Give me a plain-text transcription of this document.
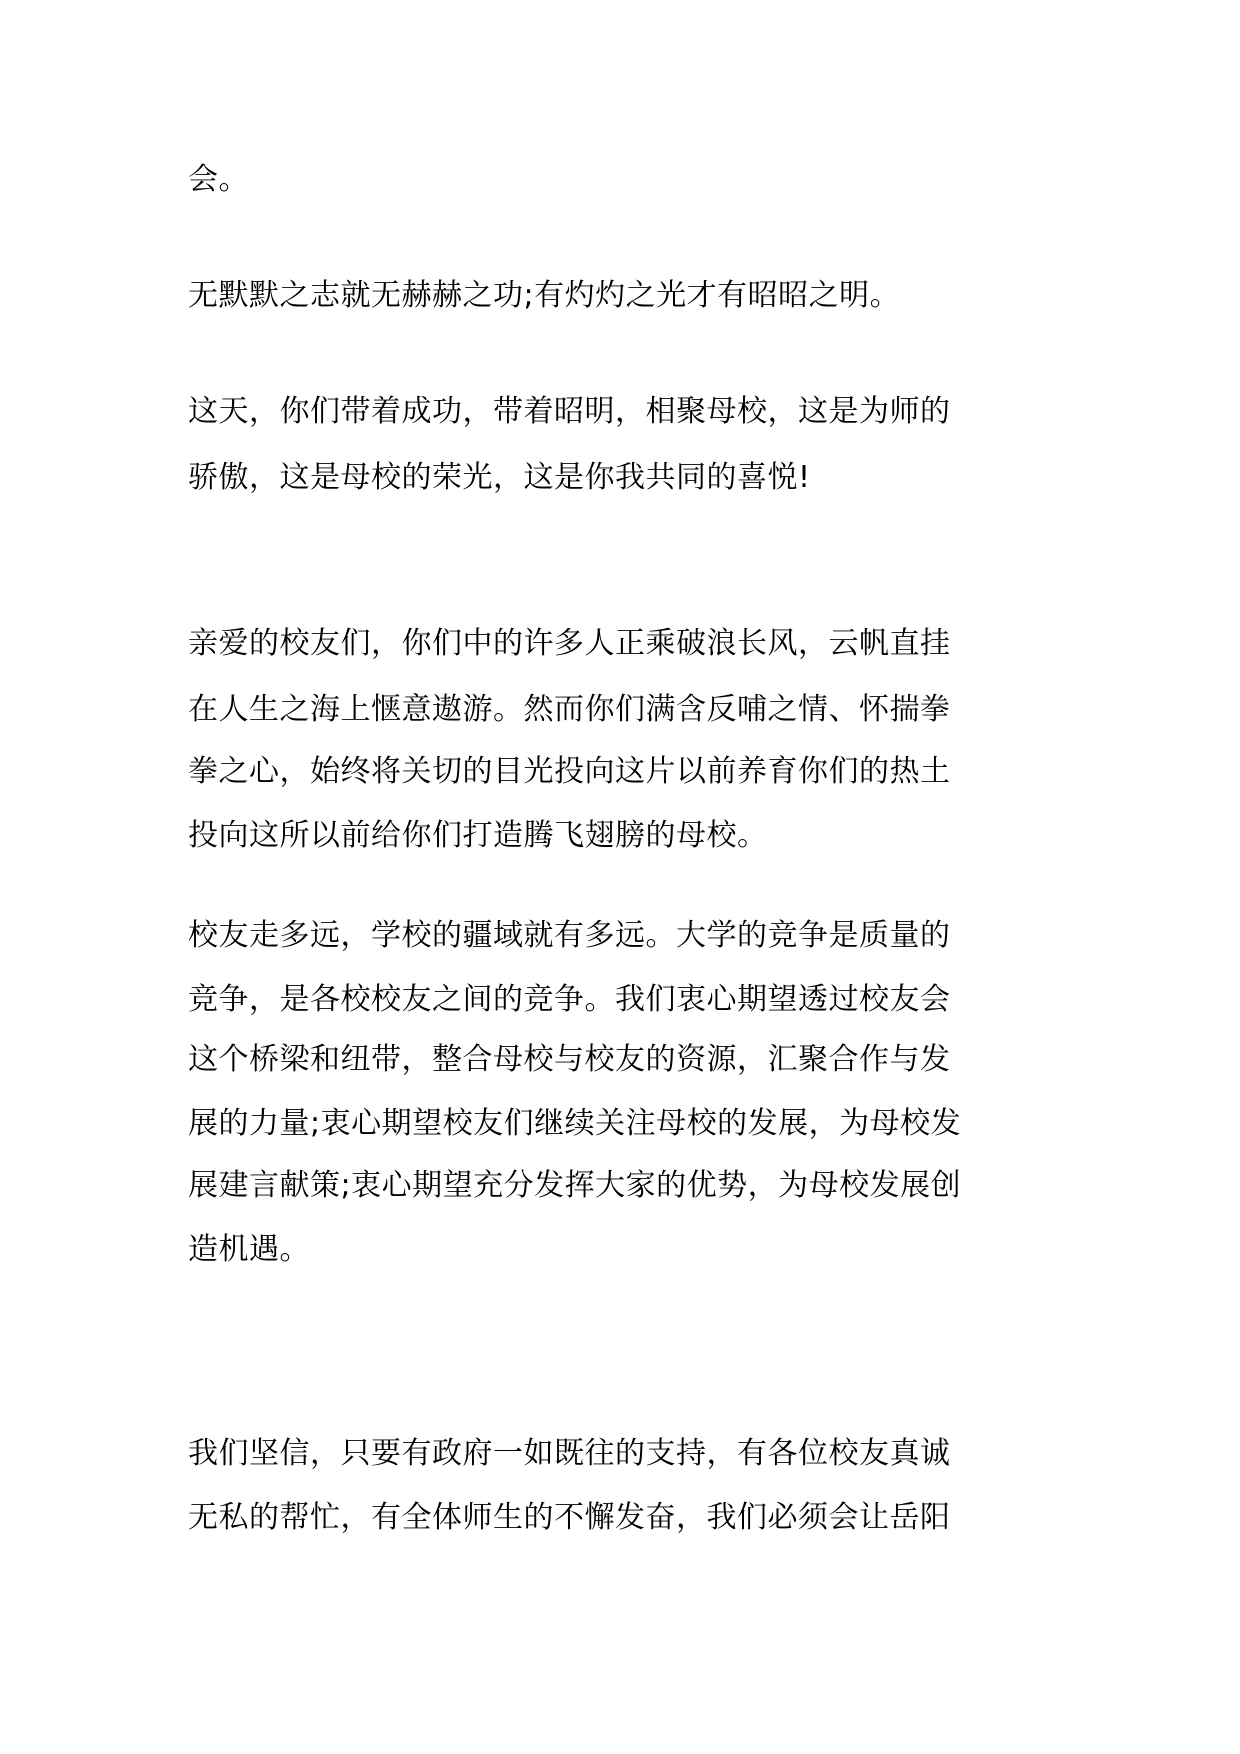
会。
无默默之志就无赫赫之功;有灼灼之光才有昭昭之明。
这天，你们带着成功，带着昭明，相聚母校，这是为师的
骄傲，这是母校的荣光，这是你我共同的喜悦!
亲爱的校友们，你们中的许多人正乘破浪长风，云帆直挂
在人生之海上惬意遨游。然而你们满含反哺之情、怀揣拳
拳之心，始终将关切的目光投向这片以前养育你们的热土
投向这所以前给你们打造腾飞翅膀的母校。
校友走多远，学校的疆域就有多远。大学的竞争是质量的
竞争，是各校校友之间的竞争。我们衷心期望透过校友会
这个桥梁和纽带，整合母校与校友的资源，汇聚合作与发
展的力量;衷心期望校友们继续关注母校的发展，为母校发
展建言献策;衷心期望充分发挥大家的优势，为母校发展创
造机遇。
我们坚信，只要有政府一如既往的支持，有各位校友真诚
无私的帮忙，有全体师生的不懈发奋，我们必须会让岳阳
